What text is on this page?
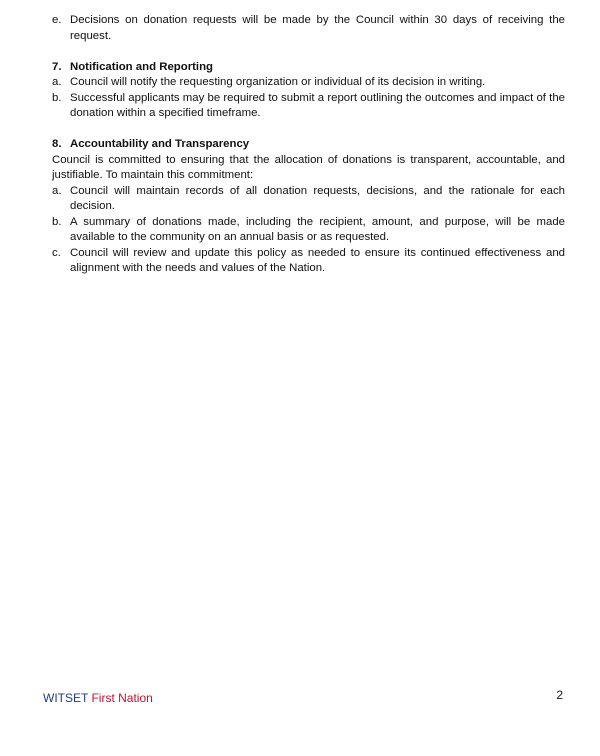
e. Decisions on donation requests will be made by the Council within 30 days of receiving the request.
7. Notification and Reporting
a. Council will notify the requesting organization or individual of its decision in writing.
b. Successful applicants may be required to submit a report outlining the outcomes and impact of the donation within a specified timeframe.
8. Accountability and Transparency
Council is committed to ensuring that the allocation of donations is transparent, accountable, and justifiable. To maintain this commitment:
a. Council will maintain records of all donation requests, decisions, and the rationale for each decision.
b. A summary of donations made, including the recipient, amount, and purpose, will be made available to the community on an annual basis or as requested.
c. Council will review and update this policy as needed to ensure its continued effectiveness and alignment with the needs and values of the Nation.
WITSET First Nation	2
